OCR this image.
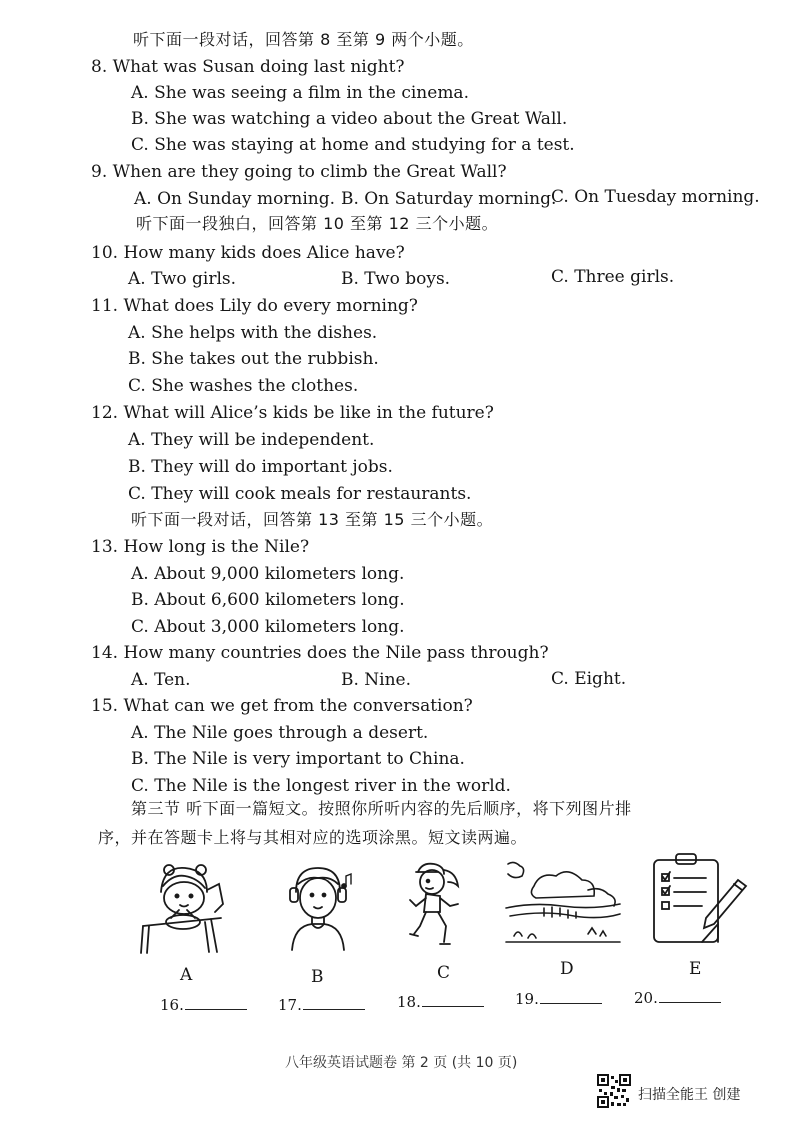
听下面一段对话，回答第 8 至第 9 两个小题。
8. What was Susan doing last night?
A. She was seeing a film in the cinema.
B. She was watching a video about the Great Wall.
C. She was staying at home and studying for a test.
9. When are they going to climb the Great Wall?
A. On Sunday morning. B. On Saturday morning.
C. On Tuesday morning.
听下面一段独白，回答第 10 至第 12 三个小题。
10. How many kids does Alice have?
A. Two girls.	B. Two boys.	C. Three girls.
11. What does Lily do every morning?
A. She helps with the dishes.
B. She takes out the rubbish.
C. She washes the clothes.
12. What will Alice’s kids be like in the future?
A. They will be independent.
B. They will do important jobs.
C. They will cook meals for restaurants.
听下面一段对话，回答第 13 至第 15 三个小题。
13. How long is the Nile?
A. About 9,000 kilometers long.
B. About 6,600 kilometers long.
C. About 3,000 kilometers long.
14. How many countries does the Nile pass through?
A. Ten.	B. Nine.	C. Eight.
15. What can we get from the conversation?
A. The Nile goes through a desert.
B. The Nile is very important to China.
C. The Nile is the longest river in the world.
第三节 听下面一篇短文。按照你所听内容的先后顺序，将下列图片排
序，并在答题卡上将与其相对应的选项涂黑。短文读两遍。
A	B	C	D	E
16.	17.	18.	19.	20.
八年级英语试题卷 第 2 页 (共 10 页)
扫描全能王 创建
